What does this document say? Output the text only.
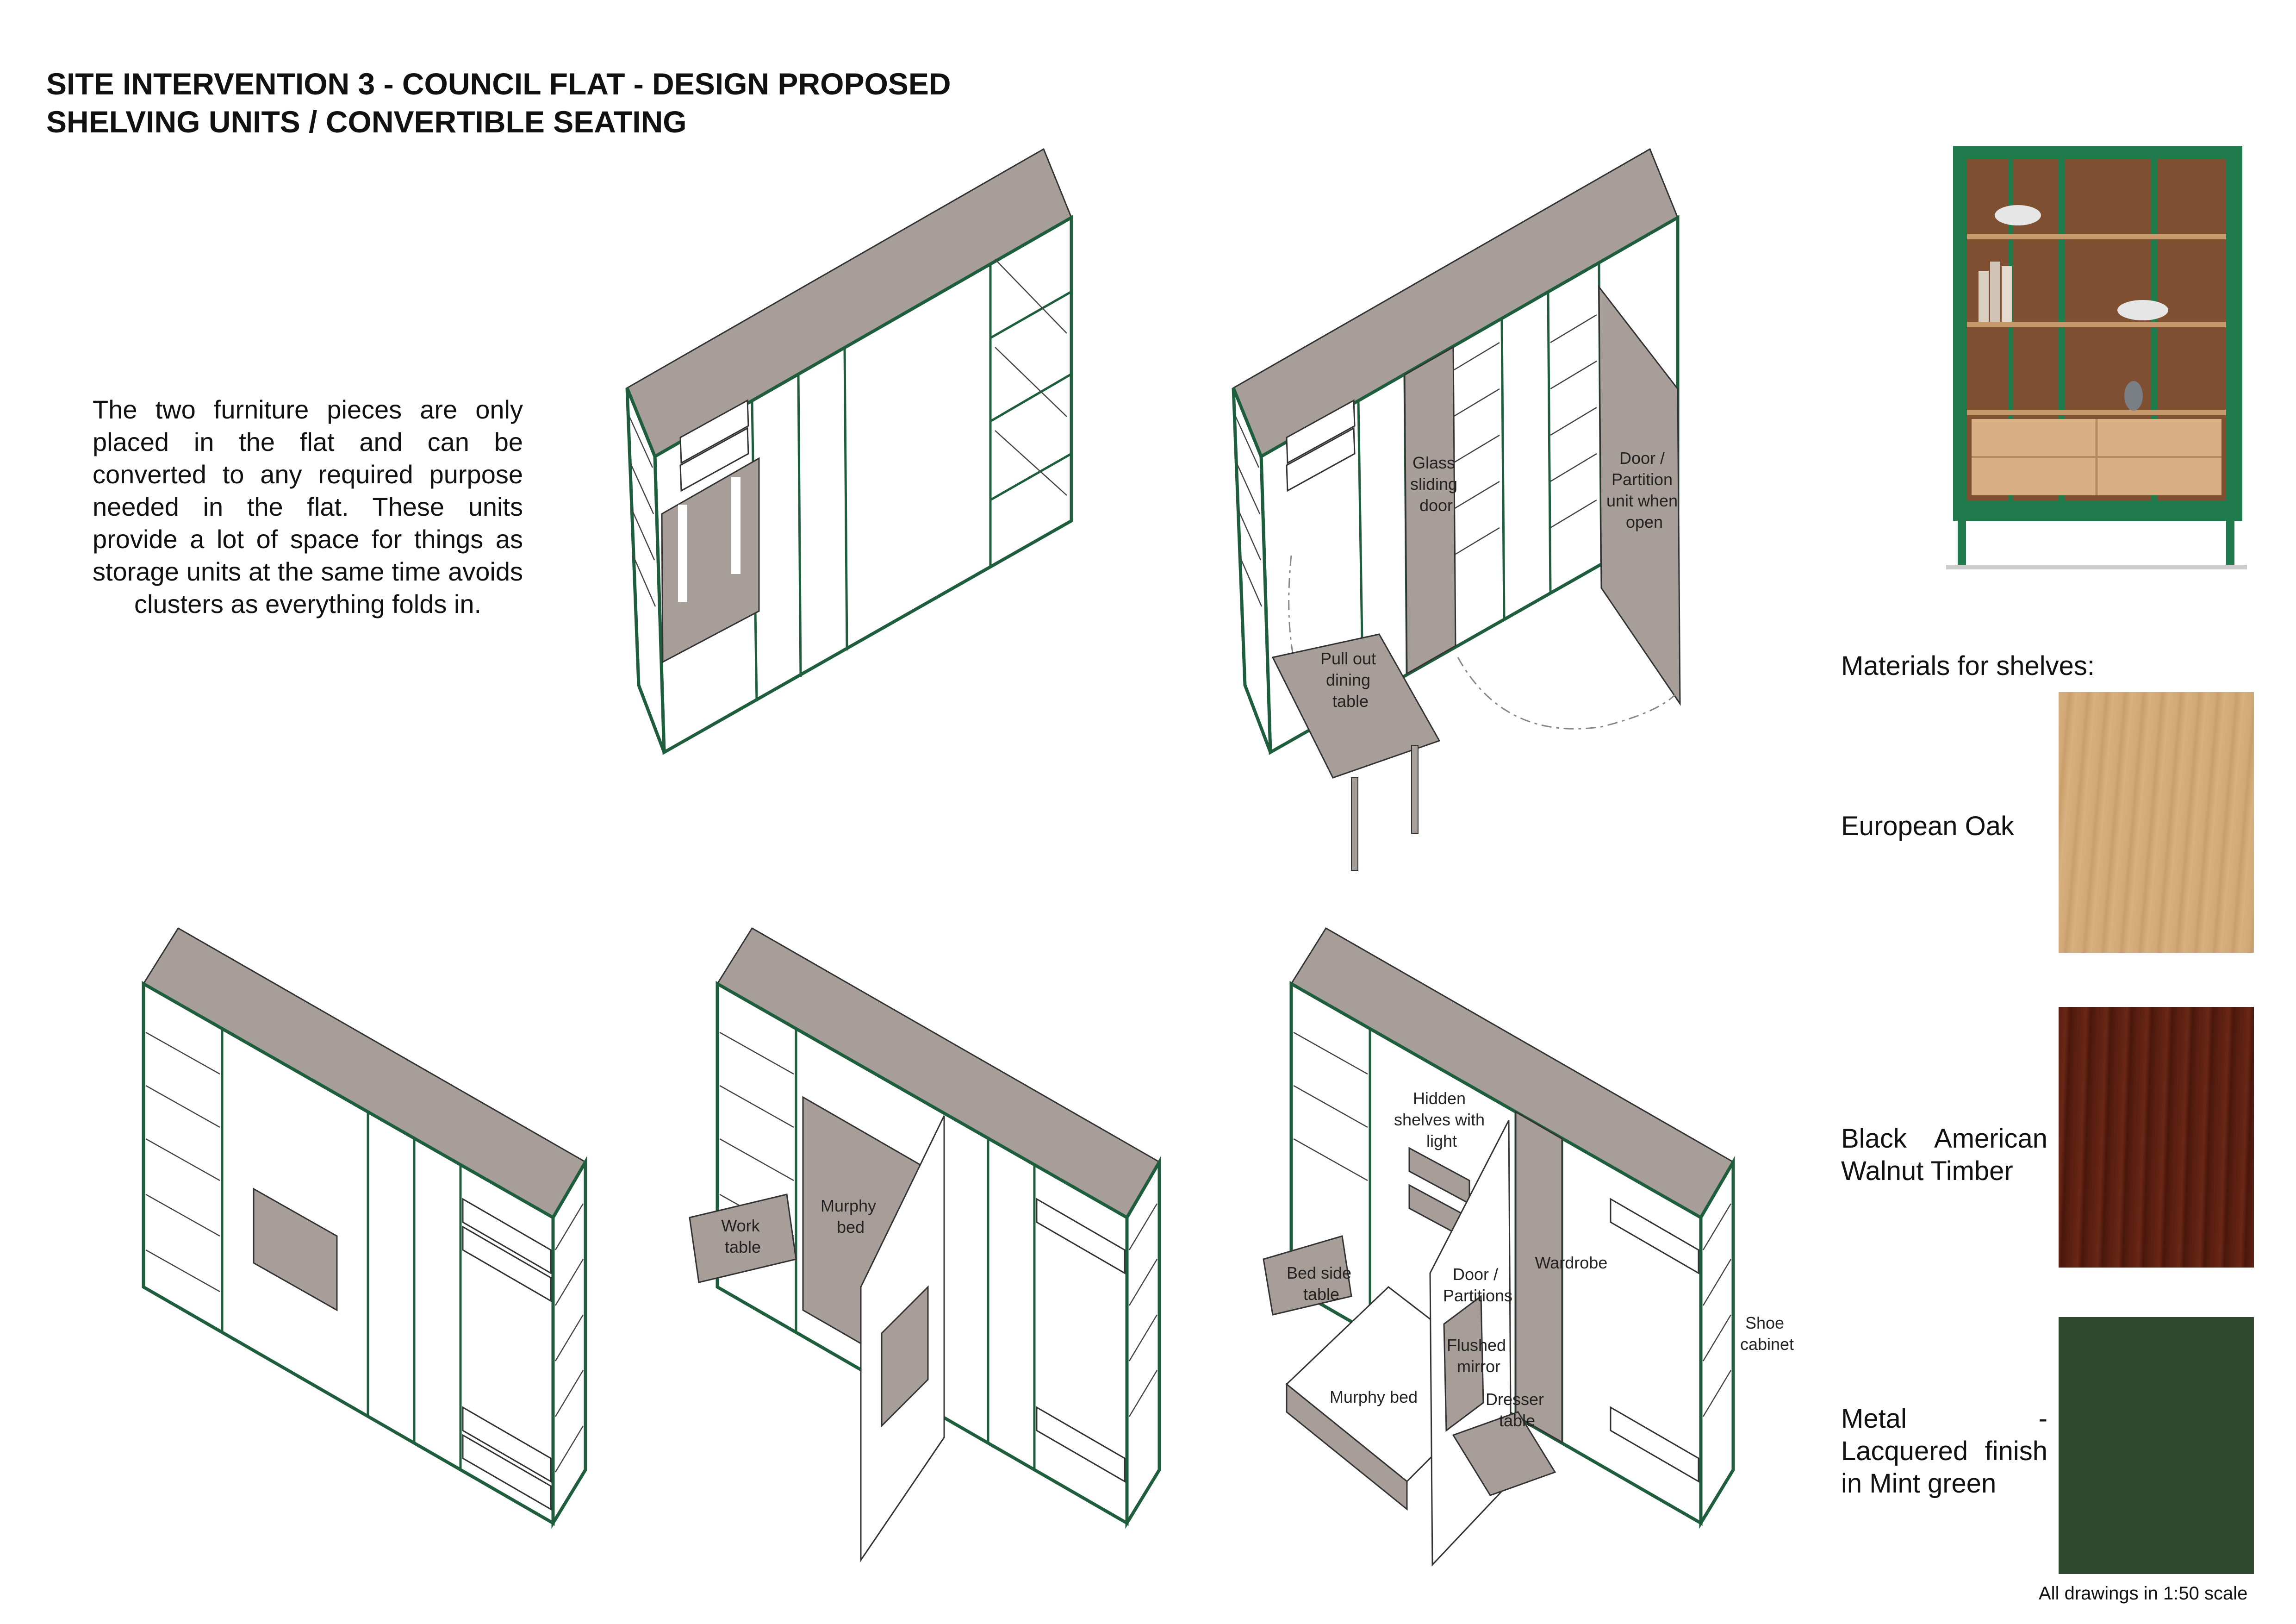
SITE INTERVENTION 3 - COUNCIL FLAT - DESIGN PROPOSED
SHELVING UNITS / CONVERTIBLE SEATING
The two furniture pieces are only placed in the flat and can be converted to any required purpose needed in the flat. These units provide a lot of space for things as storage units at the same time avoids clusters as everything folds in.
Glass sliding door
Door / Partition unit when open
Pull out dining table
Work table
Murphy bed
Hidden shelves with light
Bed side table
Door / Partitions
Wardrobe
Shoe cabinet
Flushed mirror
Dresser table
Murphy bed
Materials for shelves:
European Oak
Black American Walnut Timber
Metal - Lacquered finish in Mint green
All drawings in 1:50 scale
